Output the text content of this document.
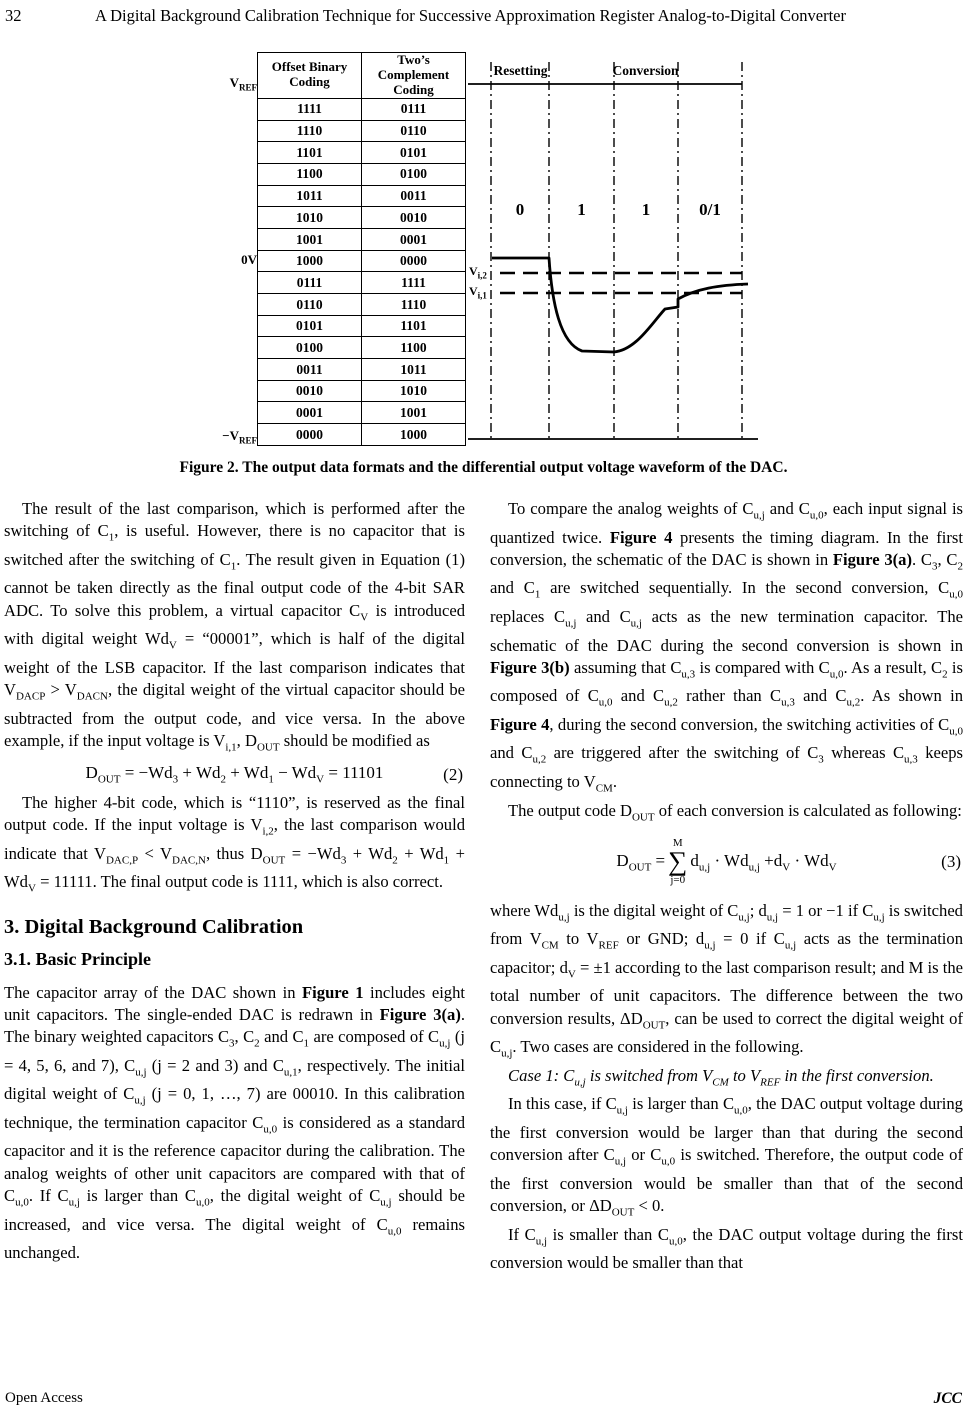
32	A Digital Background Calibration Technique for Successive Approximation Register Analog-to-Digital Converter
$V_{REF}$
0V
$-V_{REF}$
Offset Binary Coding	Two’s Complement Coding
1111	0111
1110	0110
1101	0101
1100	0100
1011	0011
1010	0010
1001	0001
1000	0000
0111	1111
0110	1110
0101	1101
0100	1100
0011	1011
0010	1010
0001	1001
0000	1000
Resetting	Conversion
0	1	1	0/1
$V_{i,2}$
$V_{i,1}$
Figure 2. The output data formats and the differential output voltage waveform of the DAC.

The result of the last comparison, which is performed after the switching of $C_1$, is useful. However, there is no capacitor that is switched after the switching of $C_1$. The result given in Equation (1) cannot be taken directly as the final output code of the 4-bit SAR ADC. To solve this problem, a virtual capacitor $C_V$ is introduced with digital weight $Wd_V$ = “00001”, which is half of the digital weight of the LSB capacitor. If the last comparison indicates that $V_{DACP} > V_{DACN}$, the digital weight of the virtual capacitor should be subtracted from the output code, and vice versa. In the above example, if the input voltage is $V_{i,1}$, $D_{OUT}$ should be modified as

$D_{OUT} = -Wd_3 + Wd_2 + Wd_1 - Wd_V = 11101$	(2)

The higher 4-bit code, which is “1110”, is reserved as the final output code. If the input voltage is $V_{i,2}$, the last comparison would indicate that $V_{DAC,P} < V_{DAC,N}$, thus $D_{OUT} = -Wd_3 + Wd_2 + Wd_1 + Wd_V = 11111$. The final output code is 1111, which is also correct.

3. Digital Background Calibration
3.1. Basic Principle

The capacitor array of the DAC shown in Figure 1 includes eight unit capacitors. The single-ended DAC is redrawn in Figure 3(a). The binary weighted capacitors $C_3$, $C_2$ and $C_1$ are composed of $C_{u,j}$ (j = 4, 5, 6, and 7), $C_{u,j}$ (j = 2 and 3) and $C_{u,1}$, respectively. The initial digital weight of $C_{u,j}$ (j = 0, 1, …, 7) are 00010. In this calibration technique, the termination capacitor $C_{u,0}$ is considered as a standard capacitor and it is the reference capacitor during the calibration. The analog weights of other unit capacitors are compared with that of $C_{u,0}$. If $C_{u,j}$ is larger than $C_{u,0}$, the digital weight of $C_{u,j}$ should be increased, and vice versa. The digital weight of $C_{u,0}$ remains unchanged.

To compare the analog weights of $C_{u,j}$ and $C_{u,0}$, each input signal is quantized twice. Figure 4 presents the timing diagram. In the first conversion, the schematic of the DAC is shown in Figure 3(a). $C_3$, $C_2$ and $C_1$ are switched sequentially. In the second conversion, $C_{u,0}$ replaces $C_{u,j}$ and $C_{u,j}$ acts as the new termination capacitor. The schematic of the DAC during the second conversion is shown in Figure 3(b) assuming that $C_{u,3}$ is compared with $C_{u,0}$. As a result, $C_2$ is composed of $C_{u,0}$ and $C_{u,2}$ rather than $C_{u,3}$ and $C_{u,2}$. As shown in Figure 4, during the second conversion, the switching activities of $C_{u,0}$ and $C_{u,2}$ are triggered after the switching of $C_3$ whereas $C_{u,3}$ keeps connecting to $V_{CM}$.

The output code $D_{OUT}$ of each conversion is calculated as following:

$D_{OUT}$ =
M
∑
j=0
$d_{u,j} \cdot Wd_{u,j} +d_V \cdot Wd_V$	(3)

where $Wd_{u,j}$ is the digital weight of $C_{u,j}$; $d_{u,j} = 1$ or −1 if $C_{u,j}$ is switched from $V_{CM}$ to $V_{REF}$ or GND; $d_{u,j} = 0$ if $C_{u,j}$ acts as the termination capacitor; $d_V = \pm 1$ according to the last comparison result; and M is the total number of unit capacitors. The difference between the two conversion results, $\Delta D_{OUT}$, can be used to correct the digital weight of $C_{u,j}$. Two cases are considered in the following.

Case 1: $C_{u,j}$ is switched from $V_{CM}$ to $V_{REF}$ in the first conversion.

In this case, if $C_{u,j}$ is larger than $C_{u,0}$, the DAC output voltage during the first conversion would be larger than that during the second conversion after $C_{u,j}$ or $C_{u,0}$ is switched. Therefore, the output code of the first conversion would be smaller than that of the second conversion, or $\Delta D_{OUT} < 0$.

If $C_{u,j}$ is smaller than $C_{u,0}$, the DAC output voltage during the first conversion would be smaller than that

Open Access	JCC
